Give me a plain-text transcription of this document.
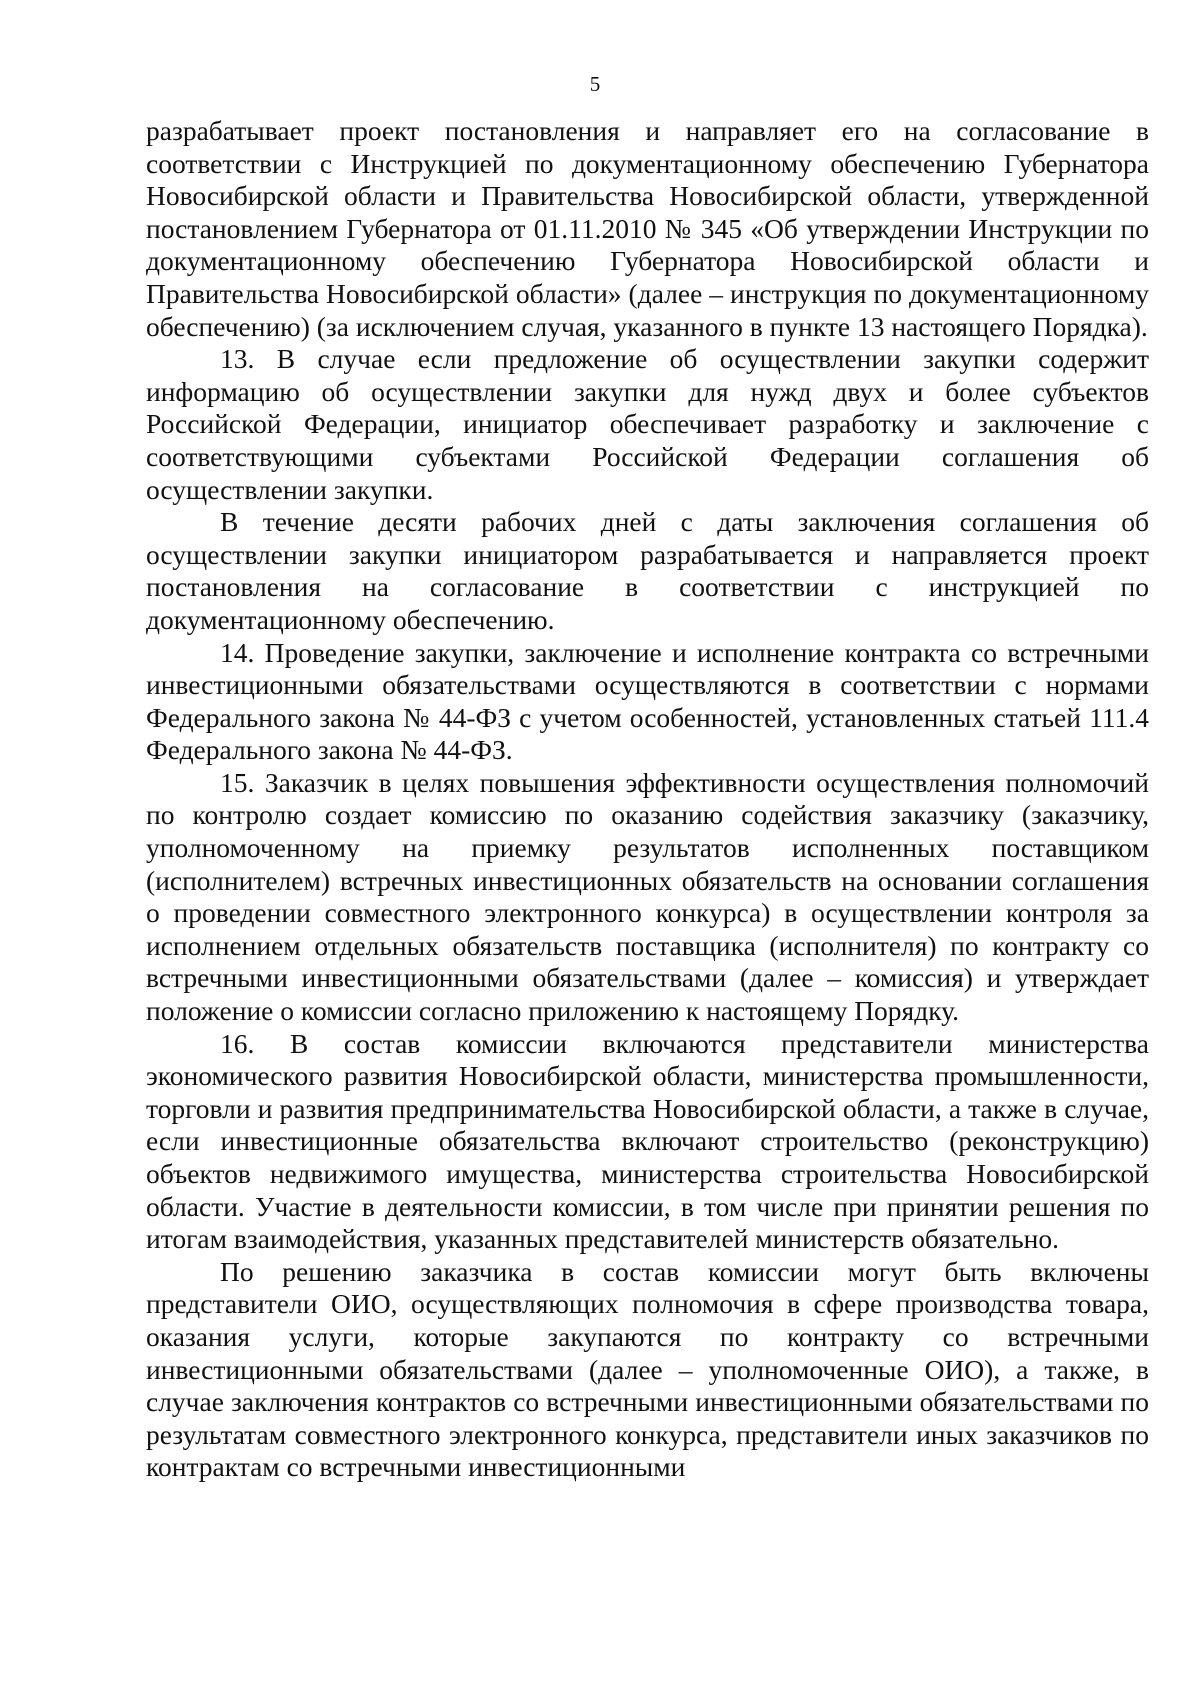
5

разрабатывает проект постановления и направляет его на согласование в соответствии с Инструкцией по документационному обеспечению Губернатора Новосибирской области и Правительства Новосибирской области, утвержденной постановлением Губернатора от 01.11.2010 № 345 «Об утверждении Инструкции по документационному обеспечению Губернатора Новосибирской области и Правительства Новосибирской области» (далее – инструкция по документационному обеспечению) (за исключением случая, указанного в пункте 13 настоящего Порядка).

13. В случае если предложение об осуществлении закупки содержит информацию об осуществлении закупки для нужд двух и более субъектов Российской Федерации, инициатор обеспечивает разработку и заключение с соответствующими субъектами Российской Федерации соглашения об осуществлении закупки.

В течение десяти рабочих дней с даты заключения соглашения об осуществлении закупки инициатором разрабатывается и направляется проект постановления на согласование в соответствии с инструкцией по документационному обеспечению.

14. Проведение закупки, заключение и исполнение контракта со встречными инвестиционными обязательствами осуществляются в соответствии с нормами Федерального закона № 44-ФЗ с учетом особенностей, установленных статьей 111.4 Федерального закона № 44-ФЗ.

15. Заказчик в целях повышения эффективности осуществления полномочий по контролю создает комиссию по оказанию содействия заказчику (заказчику, уполномоченному на приемку результатов исполненных поставщиком (исполнителем) встречных инвестиционных обязательств на основании соглашения о проведении совместного электронного конкурса) в осуществлении контроля за исполнением отдельных обязательств поставщика (исполнителя) по контракту со встречными инвестиционными обязательствами (далее – комиссия) и утверждает положение о комиссии согласно приложению к настоящему Порядку.

16. В состав комиссии включаются представители министерства экономического развития Новосибирской области, министерства промышленности, торговли и развития предпринимательства Новосибирской области, а также в случае, если инвестиционные обязательства включают строительство (реконструкцию) объектов недвижимого имущества, министерства строительства Новосибирской области. Участие в деятельности комиссии, в том числе при принятии решения по итогам взаимодействия, указанных представителей министерств обязательно.

По решению заказчика в состав комиссии могут быть включены представители ОИО, осуществляющих полномочия в сфере производства товара, оказания услуги, которые закупаются по контракту со встречными инвестиционными обязательствами (далее – уполномоченные ОИО), а также, в случае заключения контрактов со встречными инвестиционными обязательствами по результатам совместного электронного конкурса, представители иных заказчиков по контрактам со встречными инвестиционными
